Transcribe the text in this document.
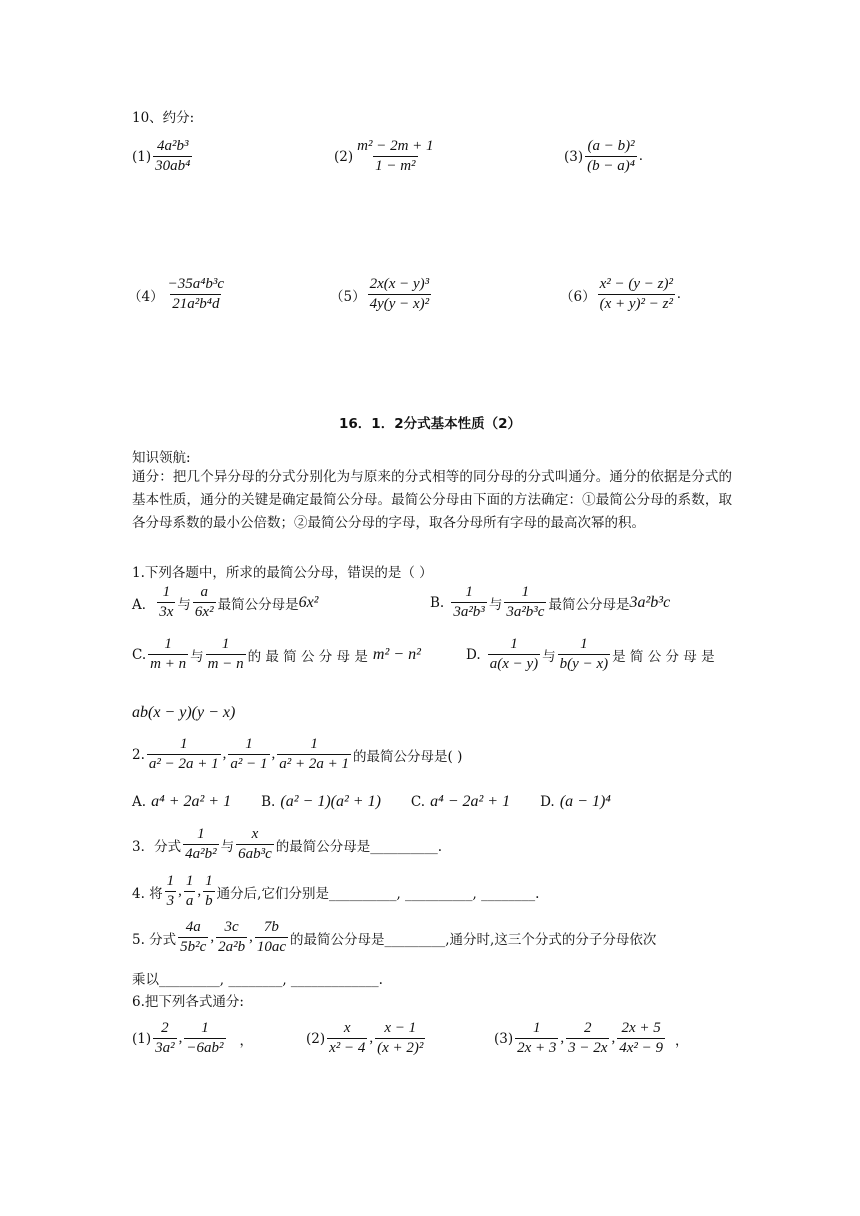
10、约分:
(1)
4a²b³
30ab⁴
(2)
m² − 2m + 1
1 − m²
(3)
(a − b)²
(b − a)⁴
.
（4）
−35a⁴b³c
21a²b⁴d	（5）
2x(x − y)³
4y(y − x)²	（6）
x² − (y − z)²
(x + y)² − z²
.
16．1．2分式基本性质（2）
知识领航:
通分：把几个异分母的分式分别化为与原来的分式相等的同分母的分式叫通分。通分的依据是分式的基本性质，通分的关键是确定最简公分母。最简公分母由下面的方法确定：①最简公分母的系数，取各分母系数的最小公倍数；②最简公分母的字母，取各分母所有字母的最高次幂的积。
1.下列各题中，所求的最简公分母，错误的是（ ）
A．
1
3x 与
a
6x² 最简公分母是 6x²	B.

1
3a²b³ 与
1
3a²b³c 最简公分母是 3a²b³c
C.
1
m + n 与
1
m − n 的 最 简 公 分 母 是
m² − n²	D.

1
a(x − y) 与
1
b(y − x) 是 简 公 分 母 是
ab(x − y)(y − x)
2.
1
a² − 2a + 1
,
1
a² − 1
,
1
a² + 2a + 1 的最简公分母是( )
A.
a⁴ + 2a² + 1 B.
(a² − 1)(a² + 1) C.
a⁴ − 2a² + 1 D.
(a − 1)⁴
3．分式
1
4a²b² 与
x
6ab³c 的最简公分母是__________.
4. 将
1
3
,
1
a
,
1
b 通分后,它们分别是__________, __________, ________.
5. 分式
4a
5b²c
,
3c
2a²b
,
7b
10ac 的最简公分母是_________,通分时,这三个分式的分子分母依次
乘以_________, ________, _____________.
6.把下列各式通分:
(1)
2
3a²
,
1
−6ab² ，	(2)
x
x² − 4
,
x − 1
(x + 2)²
(3)
1
2x + 3
,
2
3 − 2x
,
2x + 5
4x² − 9 ，
